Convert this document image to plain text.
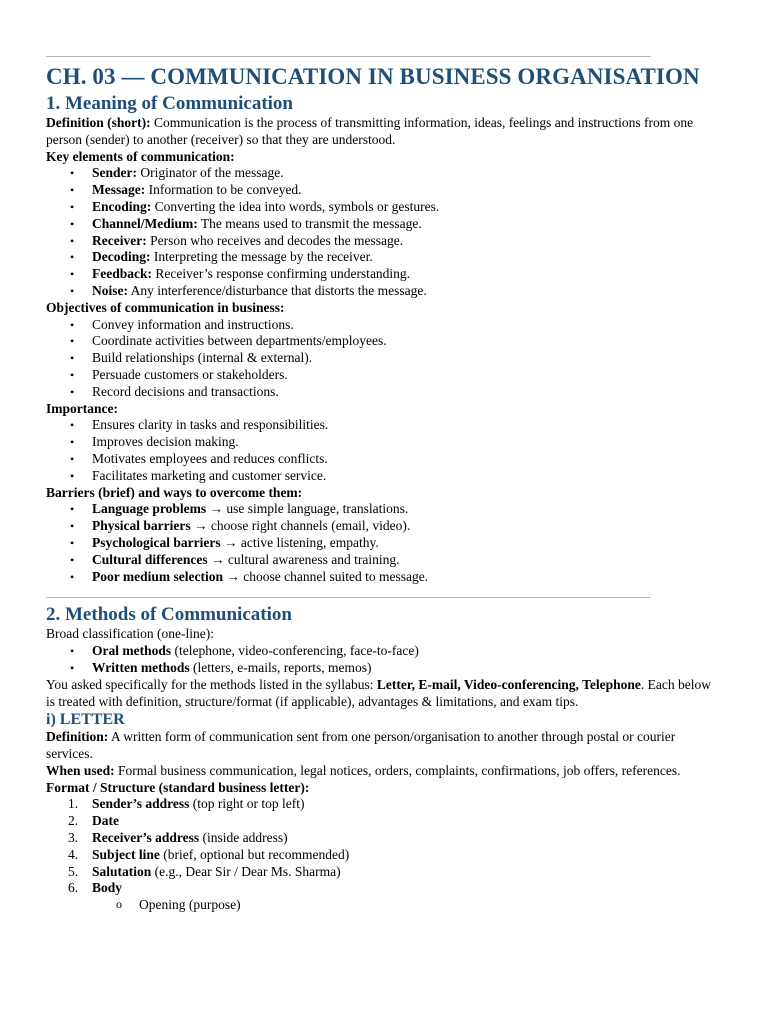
CH. 03 — COMMUNICATION IN BUSINESS ORGANISATION
1. Meaning of Communication

Definition (short): Communication is the process of transmitting information, ideas, feelings and instructions from one person (sender) to another (receiver) so that they are understood.

Key elements of communication:

• Sender: Originator of the message.
• Message: Information to be conveyed.
• Encoding: Converting the idea into words, symbols or gestures.
• Channel/Medium: The means used to transmit the message.
• Receiver: Person who receives and decodes the message.
• Decoding: Interpreting the message by the receiver.
• Feedback: Receiver’s response confirming understanding.
• Noise: Any interference/disturbance that distorts the message.

Objectives of communication in business:

• Convey information and instructions.
• Coordinate activities between departments/employees.
• Build relationships (internal & external).
• Persuade customers or stakeholders.
• Record decisions and transactions.

Importance:

• Ensures clarity in tasks and responsibilities.
• Improves decision making.
• Motivates employees and reduces conflicts.
• Facilitates marketing and customer service.

Barriers (brief) and ways to overcome them:

• Language problems → use simple language, translations.
• Physical barriers → choose right channels (email, video).
• Psychological barriers → active listening, empathy.
• Cultural differences → cultural awareness and training.
• Poor medium selection → choose channel suited to message.
2. Methods of Communication

Broad classification (one-line):

• Oral methods (telephone, video-conferencing, face-to-face)
• Written methods (letters, e-mails, reports, memos)

You asked specifically for the methods listed in the syllabus: Letter, E-mail, Video-conferencing, Telephone. Each below is treated with definition, structure/format (if applicable), advantages & limitations, and exam tips.

i) LETTER

Definition: A written form of communication sent from one person/organisation to another through postal or courier services.

When used: Formal business communication, legal notices, orders, complaints, confirmations, job offers, references.

Format / Structure (standard business letter):

1.	Sender’s address (top right or top left)
2.	Date
3.	Receiver’s address (inside address)
4.	Subject line (brief, optional but recommended)
5.	Salutation (e.g., Dear Sir / Dear Ms. Sharma)
6.	Body
o Opening (purpose)
